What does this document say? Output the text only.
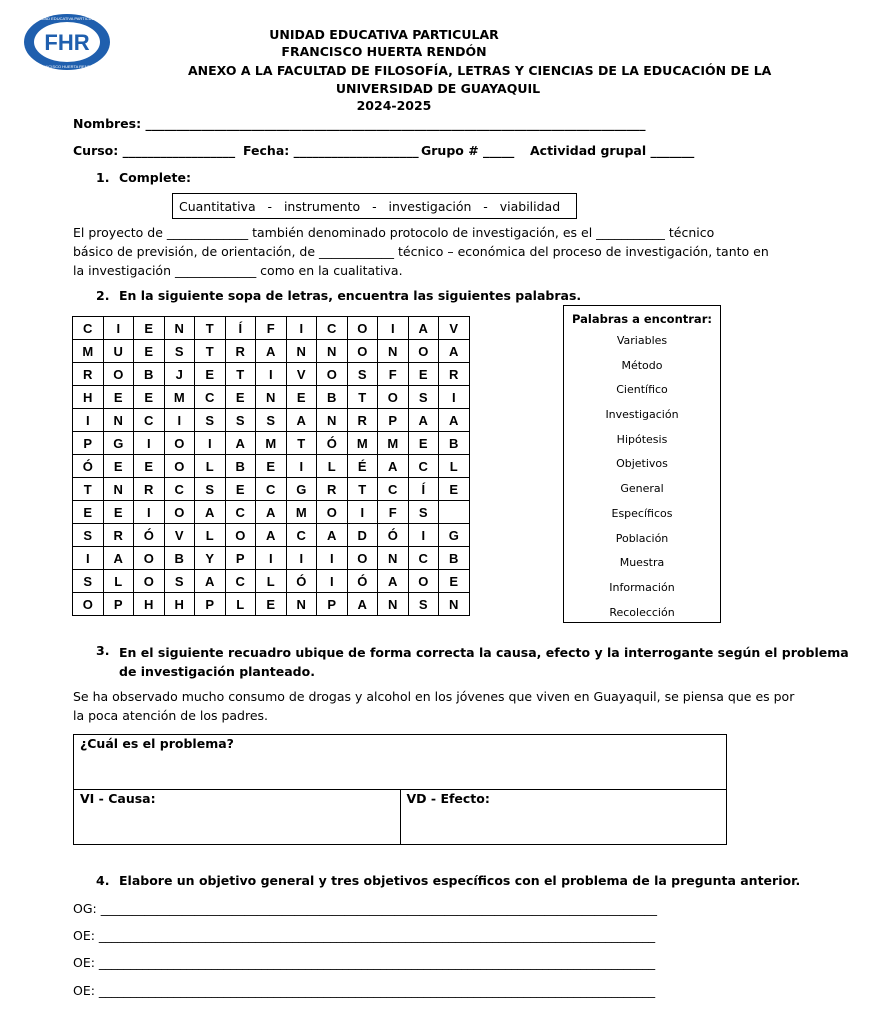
FHR
UNIDAD EDUCATIVA PARTICULAR
FRANCISCO HUERTA RENDÓN
UNIDAD EDUCATIVA PARTICULAR
FRANCISCO HUERTA RENDÓN
ANEXO A LA FACULTAD DE FILOSOFÍA, LETRAS Y CIENCIAS DE LA EDUCACIÓN DE LA
UNIVERSIDAD DE GUAYAQUIL
2024-2025
Nombres: ________________________________________________________________________________
Curso: __________________ Fecha: ____________________ Grupo # _____ Actividad grupal _______
1. Complete:
Cuantitativa   -   instrumento   -   investigación   -   viabilidad
El proyecto de _____________ también denominado protocolo de investigación, es el ___________ técnico
básico de previsión, de orientación, de ____________ técnico – económica del proceso de investigación, tanto en
la investigación _____________ como en la cualitativa.
2. En la siguiente sopa de letras, encuentra las siguientes palabras.
C	I	E	N	T	Í	F	I	C	O	I	A	V
M	U	E	S	T	R	A	N	N	O	N	O	A
R	O	B	J	E	T	I	V	O	S	F	E	R
H	E	E	M	C	E	N	E	B	T	O	S	I
I	N	C	I	S	S	S	A	N	R	P	A	A
P	G	I	O	I	A	M	T	Ó	M	M	E	B
Ó	E	E	O	L	B	E	I	L	É	A	C	L
T	N	R	C	S	E	C	G	R	T	C	Í	E
E	E	I	O	A	C	A	M	O	I	F	S	
S	R	Ó	V	L	O	A	C	A	D	Ó	I	G
I	A	O	B	Y	P	I	I	I	O	N	C	B
S	L	O	S	A	C	L	Ó	I	Ó	A	O	E
O	P	H	H	P	L	E	N	P	A	N	S	N
Palabras a encontrar:
Variables
Método
Científico
Investigación
Hipótesis
Objetivos
General
Específicos
Población
Muestra
Información
Recolección
3. En el siguiente recuadro ubique de forma correcta la causa, efecto y la interrogante según el problema
de investigación planteado.
Se ha observado mucho consumo de drogas y alcohol en los jóvenes que viven en Guayaquil, se piensa que es por
la poca atención de los padres.
¿Cuál es el problema?
VI - Causa:	VD - Efecto:
4. Elabore un objetivo general y tres objetivos específicos con el problema de la pregunta anterior.
OG: _________________________________________________________________________________________
OE: _________________________________________________________________________________________
OE: _________________________________________________________________________________________
OE: _________________________________________________________________________________________
